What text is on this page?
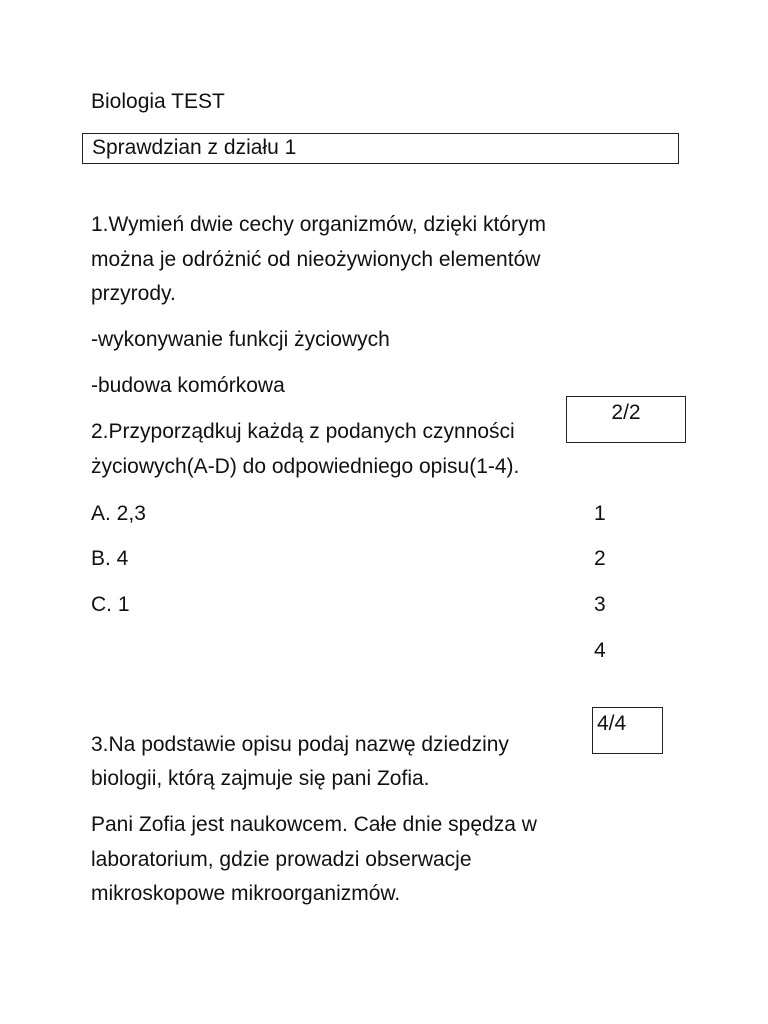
Biologia TEST
Sprawdzian z działu 1
1.Wymień dwie cechy organizmów, dzięki którym
można je odróżnić od nieożywionych elementów
przyrody.
-wykonywanie funkcji życiowych
-budowa komórkowa
2/2
2.Przyporządkuj każdą z podanych czynności
życiowych(A-D) do odpowiedniego opisu(1-4).
A. 2,3
B. 4
C. 1
1
2
3
4
4/4
3.Na podstawie opisu podaj nazwę dziedziny
biologii, którą zajmuje się pani Zofia.
Pani Zofia jest naukowcem. Całe dnie spędza w
laboratorium, gdzie prowadzi obserwacje
mikroskopowe mikroorganizmów.
